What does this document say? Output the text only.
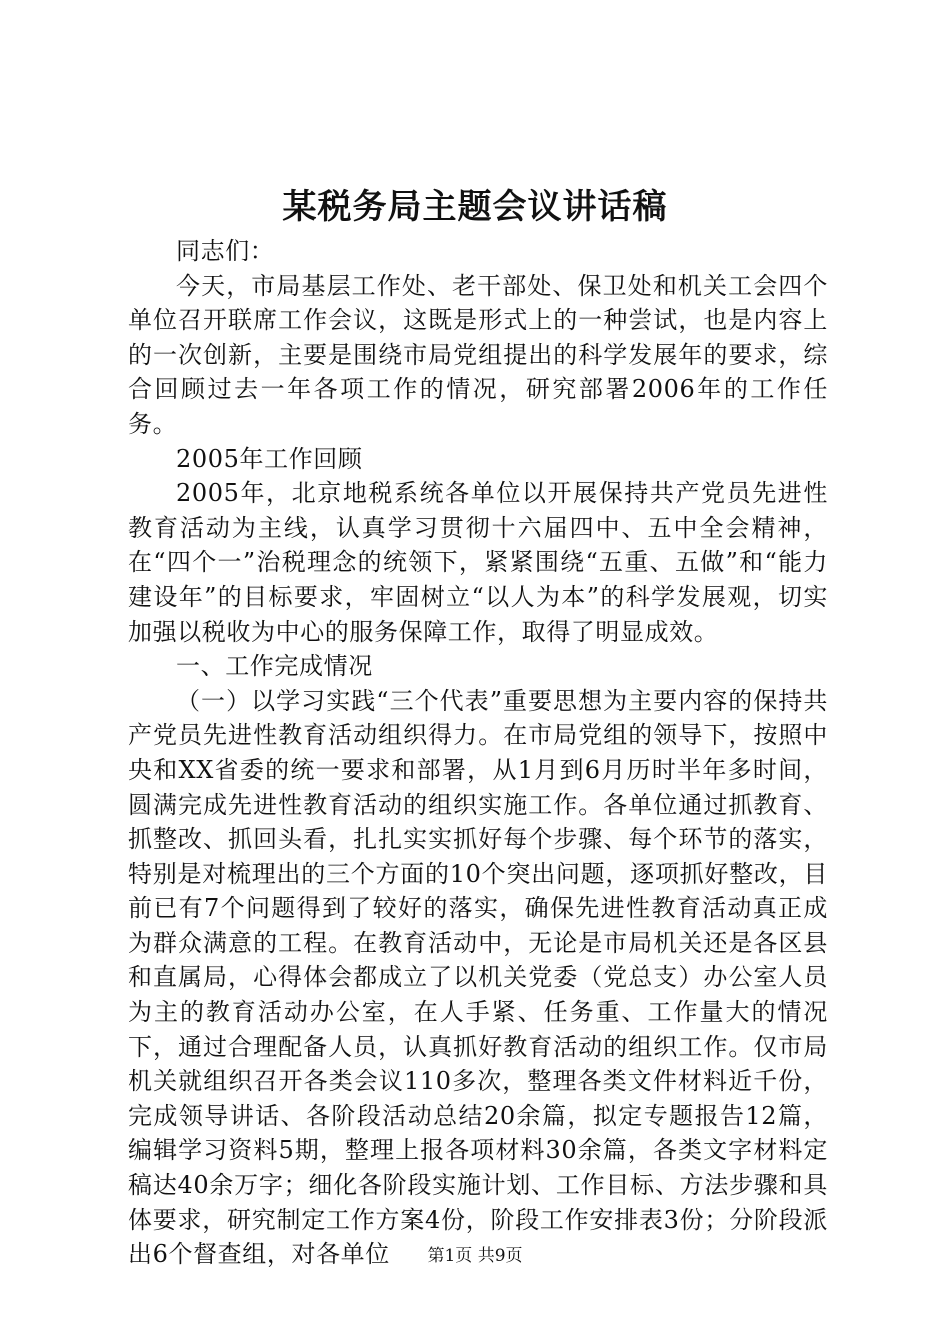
某税务局主题会议讲话稿

同志们：

今天，市局基层工作处、老干部处、保卫处和机关工会四个单位召开联席工作会议，这既是形式上的一种尝试，也是内容上的一次创新，主要是围绕市局党组提出的科学发展年的要求，综合回顾过去一年各项工作的情况，研究部署2006年的工作任务。

2005年工作回顾

2005年，北京地税系统各单位以开展保持共产党员先进性教育活动为主线，认真学习贯彻十六届四中、五中全会精神，在“四个一”治税理念的统领下，紧紧围绕“五重、五做”和“能力建设年”的目标要求，牢固树立“以人为本”的科学发展观，切实加强以税收为中心的服务保障工作，取得了明显成效。

一、工作完成情况

（一）以学习实践“三个代表”重要思想为主要内容的保持共产党员先进性教育活动组织得力。在市局党组的领导下，按照中央和XX省委的统一要求和部署，从1月到6月历时半年多时间，圆满完成先进性教育活动的组织实施工作。各单位通过抓教育、抓整改、抓回头看，扎扎实实抓好每个步骤、每个环节的落实，特别是对梳理出的三个方面的10个突出问题，逐项抓好整改，目前已有7个问题得到了较好的落实，确保先进性教育活动真正成为群众满意的工程。在教育活动中，无论是市局机关还是各区县和直属局，心得体会都成立了以机关党委（党总支）办公室人员为主的教育活动办公室，在人手紧、任务重、工作量大的情况下，通过合理配备人员，认真抓好教育活动的组织工作。仅市局机关就组织召开各类会议110多次，整理各类文件材料近千份，完成领导讲话、各阶段活动总结20余篇，拟定专题报告12篇，编辑学习资料5期，整理上报各项材料30余篇，各类文字材料定稿达40余万字；细化各阶段实施计划、工作目标、方法步骤和具体要求，研究制定工作方案4份，阶段工作安排表3份；分阶段派出6个督查组，对各单位	第1页 共9页
